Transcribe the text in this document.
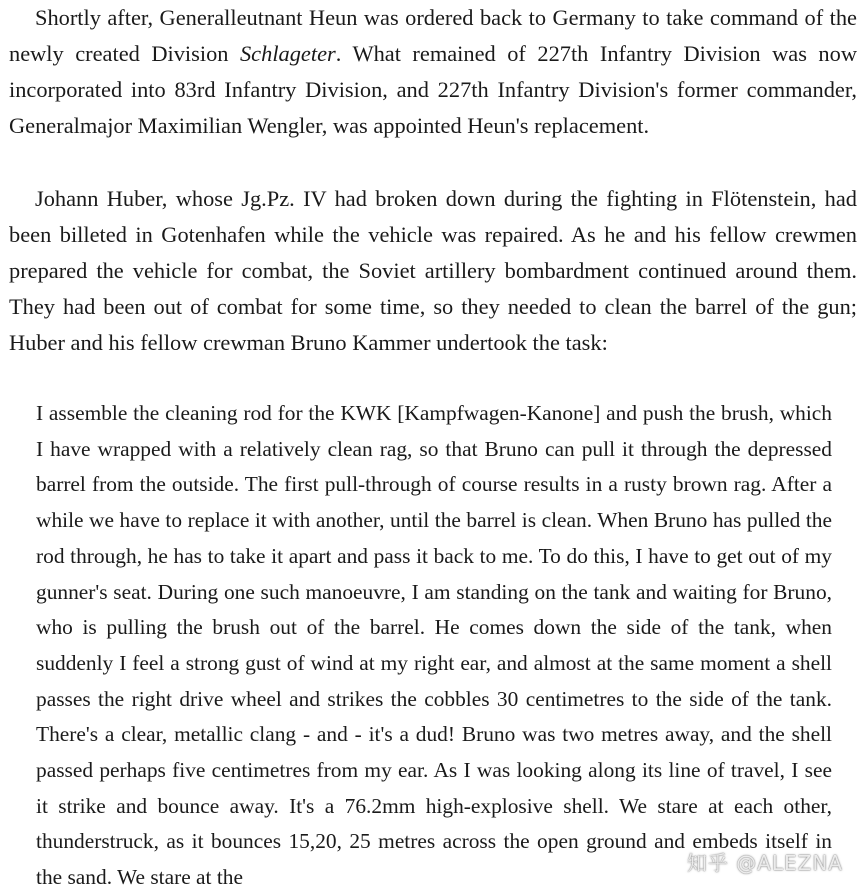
Shortly after, Generalleutnant Heun was ordered back to Germany to take command of the newly created Division Schlageter. What remained of 227th Infantry Division was now incorporated into 83rd Infantry Division, and 227th Infantry Division's former commander, Generalmajor Maximilian Wengler, was appointed Heun's replacement.

Johann Huber, whose Jg.Pz. IV had broken down during the fighting in Flötenstein, had been billeted in Gotenhafen while the vehicle was repaired. As he and his fellow crewmen prepared the vehicle for combat, the Soviet artillery bombardment continued around them. They had been out of combat for some time, so they needed to clean the barrel of the gun; Huber and his fellow crewman Bruno Kammer undertook the task:

I assemble the cleaning rod for the KWK [Kampfwagen-Kanone] and push the brush, which I have wrapped with a relatively clean rag, so that Bruno can pull it through the depressed barrel from the outside. The first pull-through of course results in a rusty brown rag. After a while we have to replace it with another, until the barrel is clean. When Bruno has pulled the rod through, he has to take it apart and pass it back to me. To do this, I have to get out of my gunner's seat. During one such manoeuvre, I am standing on the tank and waiting for Bruno, who is pulling the brush out of the barrel. He comes down the side of the tank, when suddenly I feel a strong gust of wind at my right ear, and almost at the same moment a shell passes the right drive wheel and strikes the cobbles 30 centimetres to the side of the tank. There's a clear, metallic clang - and - it's a dud! Bruno was two metres away, and the shell passed perhaps five centimetres from my ear. As I was looking along its line of travel, I see it strike and bounce away. It's a 76.2mm high-explosive shell. We stare at each other, thunderstruck, as it bounces 15,20, 25 metres across the open ground and embeds itself in the sand. We stare at the

知乎 @ALEZNA
